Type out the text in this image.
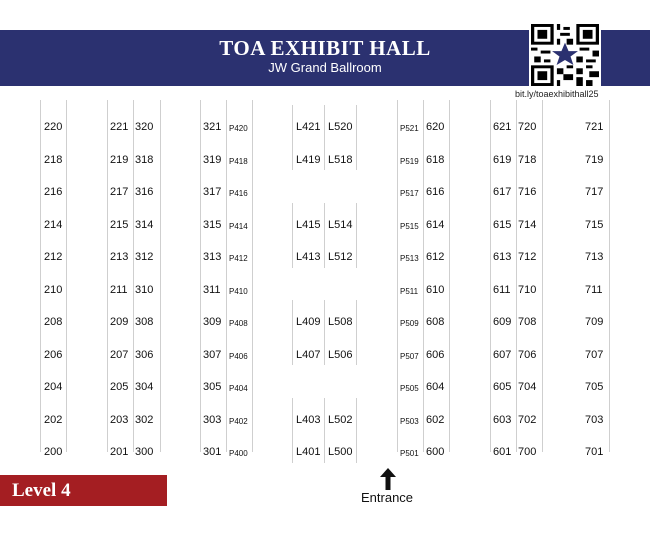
TOA EXHIBIT HALL
JW Grand Ballroom
bit.ly/toaexhibithall25
220
218
216
214
212
210
208
206
204
202
200
221
219
217
215
213
211
209
207
205
203
201
320
318
316
314
312
310
308
306
304
302
300
321
319
317
315
313
311
309
307
305
303
301
P420
P418
P416
P414
P412
P410
P408
P406
P404
P402
P400
L421
L419
L415
L413
L409
L407
L403
L401
L520
L518
L514
L512
L508
L506
L502
L500
P521
P519
P517
P515
P513
P511
P509
P507
P505
P503
P501
620
618
616
614
612
610
608
606
604
602
600
621
619
617
615
613
611
609
607
605
603
601
720
718
716
714
712
710
708
706
704
702
700
721
719
717
715
713
711
709
707
705
703
701
Level 4	Entrance
